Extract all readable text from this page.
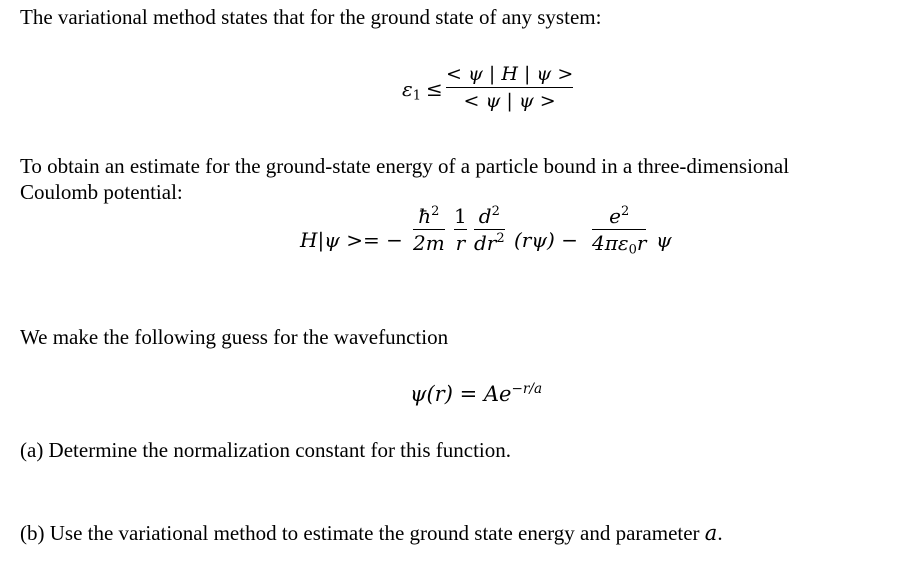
The variational method states that for the ground state of any system:
$\varepsilon_1$ ≤
< ψ | H | ψ >
< ψ | ψ >
To obtain an estimate for the ground-state energy of a particle bound in a three-dimensional
Coulomb potential:
H|ψ >= −
$ħ^2$
2m
1
r
$d^2$
$dr^2$ (rψ) −
$e^2$
$4\pi\varepsilon_0r$ ψ
We make the following guess for the wavefunction
$\psi(r) = Ae^{-r/a}$
(a) Determine the normalization constant for this function.
(b) Use the variational method to estimate the ground state energy and parameter a.
